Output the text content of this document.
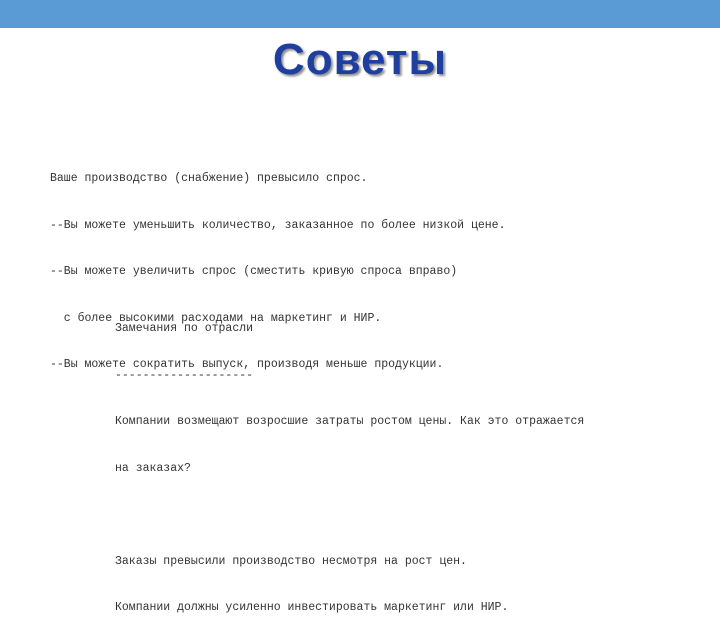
Советы

Ваше производство (снабжение) превысило спрос.

--Вы можете уменьшить количество, заказанное по более низкой цене.

--Вы можете увеличить спрос (сместить кривую спроса вправо)

с более высокими расходами на маркетинг и НИР.

--Вы можете сократить выпуск, производя меньше продукции.

Замечания по отрасли

--------------------

Компании возмещают возросшие затраты ростом цены. Как это отражается

на заказах?

Заказы превысили производство несмотря на рост цен.

Компании должны усиленно инвестировать маркетинг или НИР.
